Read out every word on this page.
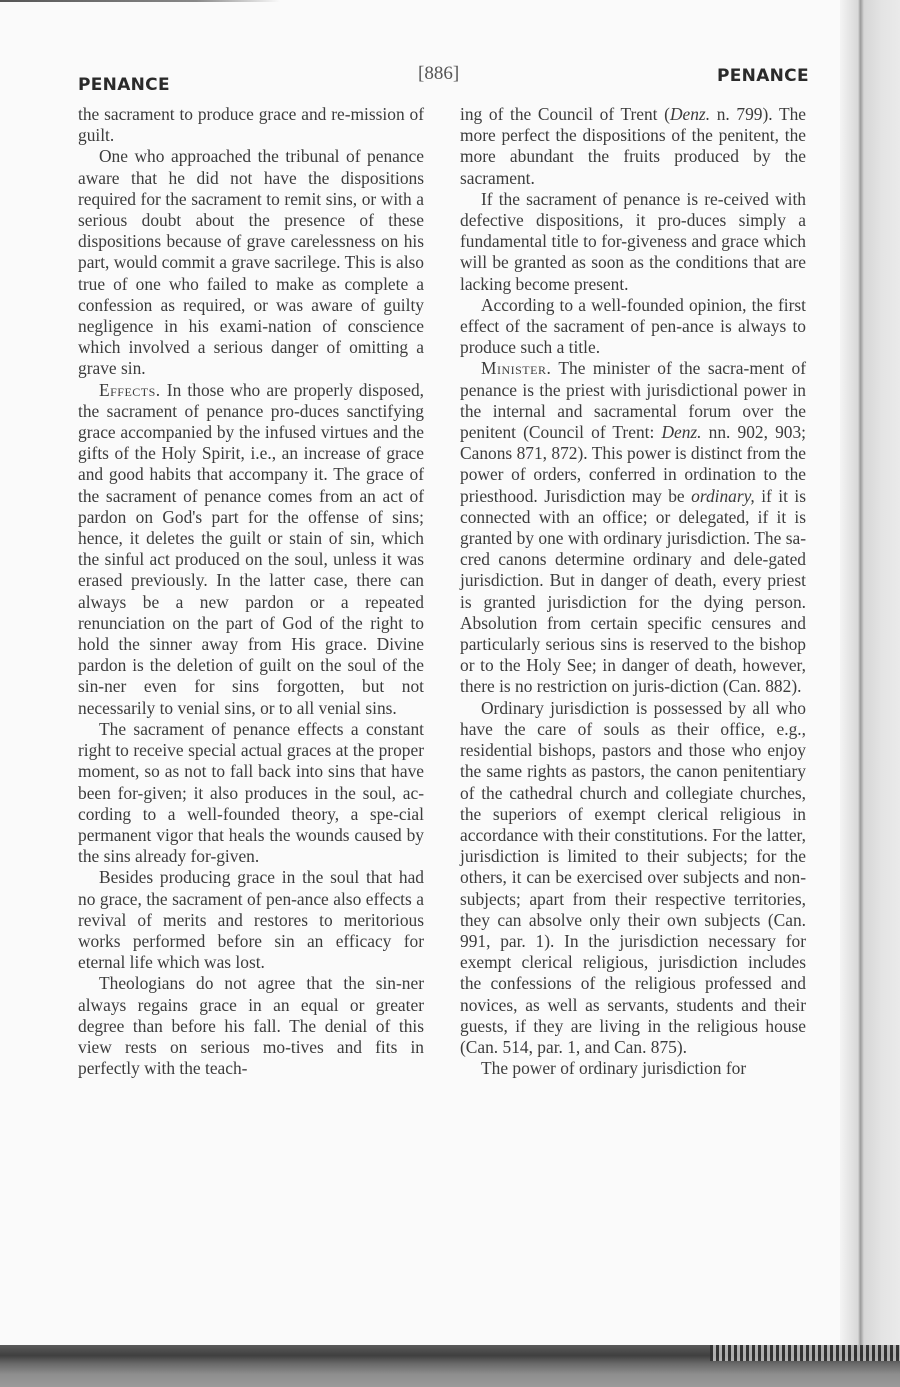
PENANCE
[886]	PENANCE

the sacrament to produce grace and re-mission of guilt.

One who approached the tribunal of penance aware that he did not have the dispositions required for the sacrament to remit sins, or with a serious doubt about the presence of these dispositions because of grave carelessness on his part, would commit a grave sacrilege. This is also true of one who failed to make as complete a confession as required, or was aware of guilty negligence in his exami-nation of conscience which involved a serious danger of omitting a grave sin.

Effects. In those who are properly disposed, the sacrament of penance pro-duces sanctifying grace accompanied by the infused virtues and the gifts of the Holy Spirit, i.e., an increase of grace and good habits that accompany it. The grace of the sacrament of penance comes from an act of pardon on God's part for the offense of sins; hence, it deletes the guilt or stain of sin, which the sinful act produced on the soul, unless it was erased previously. In the latter case, there can always be a new pardon or a repeated renunciation on the part of God of the right to hold the sinner away from His grace. Divine pardon is the deletion of guilt on the soul of the sin-ner even for sins forgotten, but not necessarily to venial sins, or to all venial sins.

The sacrament of penance effects a constant right to receive special actual graces at the proper moment, so as not to fall back into sins that have been for-given; it also produces in the soul, ac-cording to a well-founded theory, a spe-cial permanent vigor that heals the wounds caused by the sins already for-given.

Besides producing grace in the soul that had no grace, the sacrament of pen-ance also effects a revival of merits and restores to meritorious works performed before sin an efficacy for eternal life which was lost.

Theologians do not agree that the sin-ner always regains grace in an equal or greater degree than before his fall. The denial of this view rests on serious mo-tives and fits in perfectly with the teach-

ing of the Council of Trent (Denz. n. 799). The more perfect the dispositions of the penitent, the more abundant the fruits produced by the sacrament.

If the sacrament of penance is re-ceived with defective dispositions, it pro-duces simply a fundamental title to for-giveness and grace which will be granted as soon as the conditions that are lacking become present.

According to a well-founded opinion, the first effect of the sacrament of pen-ance is always to produce such a title.

Minister. The minister of the sacra-ment of penance is the priest with jurisdictional power in the internal and sacramental forum over the penitent (Council of Trent: Denz. nn. 902, 903; Canons 871, 872). This power is distinct from the power of orders, conferred in ordination to the priesthood. Jurisdiction may be ordinary, if it is connected with an office; or delegated, if it is granted by one with ordinary jurisdiction. The sa-cred canons determine ordinary and dele-gated jurisdiction. But in danger of death, every priest is granted jurisdiction for the dying person. Absolution from certain specific censures and particularly serious sins is reserved to the bishop or to the Holy See; in danger of death, however, there is no restriction on juris-diction (Can. 882).

Ordinary jurisdiction is possessed by all who have the care of souls as their office, e.g., residential bishops, pastors and those who enjoy the same rights as pastors, the canon penitentiary of the cathedral church and collegiate churches, the superiors of exempt clerical religious in accordance with their constitutions. For the latter, jurisdiction is limited to their subjects; for the others, it can be exercised over subjects and non-subjects; apart from their respective territories, they can absolve only their own subjects (Can. 991, par. 1). In the jurisdiction necessary for exempt clerical religious, jurisdiction includes the confessions of the religious professed and novices, as well as servants, students and their guests, if they are living in the religious house (Can. 514, par. 1, and Can. 875).

The power of ordinary jurisdiction for
